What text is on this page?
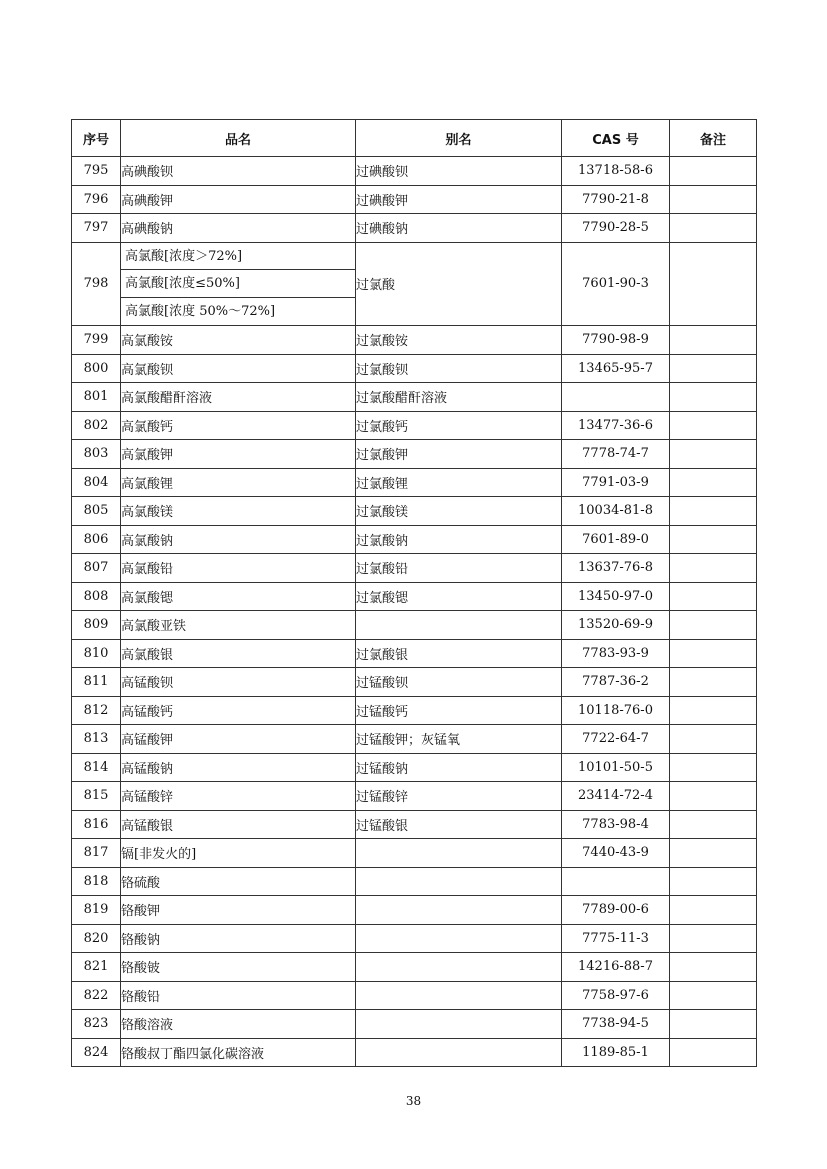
序号	品名	别名	CAS 号	备注
795	高碘酸钡	过碘酸钡	13718-58-6	
796	高碘酸钾	过碘酸钾	7790-21-8	
797	高碘酸钠	过碘酸钠	7790-28-5	
798	高氯酸[浓度＞72%]
高氯酸[浓度≤50%]
高氯酸[浓度 50%～72%]	过氯酸	7601-90-3	
799	高氯酸铵	过氯酸铵	7790-98-9	
800	高氯酸钡	过氯酸钡	13465-95-7	
801	高氯酸醋酐溶液	过氯酸醋酐溶液		
802	高氯酸钙	过氯酸钙	13477-36-6	
803	高氯酸钾	过氯酸钾	7778-74-7	
804	高氯酸锂	过氯酸锂	7791-03-9	
805	高氯酸镁	过氯酸镁	10034-81-8	
806	高氯酸钠	过氯酸钠	7601-89-0	
807	高氯酸铅	过氯酸铅	13637-76-8	
808	高氯酸锶	过氯酸锶	13450-97-0	
809	高氯酸亚铁		13520-69-9	
810	高氯酸银	过氯酸银	7783-93-9	
811	高锰酸钡	过锰酸钡	7787-36-2	
812	高锰酸钙	过锰酸钙	10118-76-0	
813	高锰酸钾	过锰酸钾；灰锰氧	7722-64-7	
814	高锰酸钠	过锰酸钠	10101-50-5	
815	高锰酸锌	过锰酸锌	23414-72-4	
816	高锰酸银	过锰酸银	7783-98-4	
817	镉[非发火的]		7440-43-9	
818	铬硫酸			
819	铬酸钾		7789-00-6	
820	铬酸钠		7775-11-3	
821	铬酸铍		14216-88-7	
822	铬酸铅		7758-97-6	
823	铬酸溶液		7738-94-5	
824	铬酸叔丁酯四氯化碳溶液		1189-85-1	
38
